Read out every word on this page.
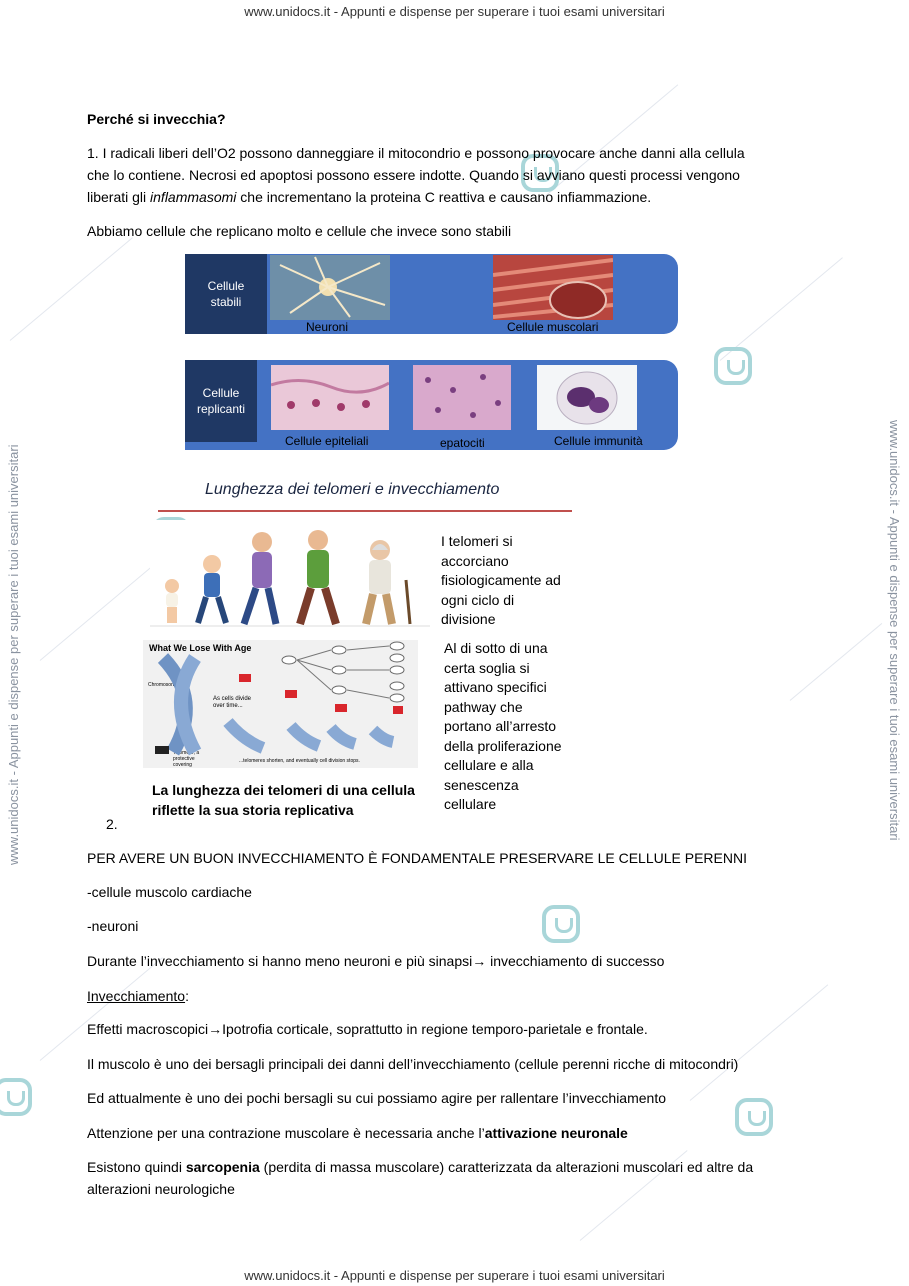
www.unidocs.it - Appunti e dispense per superare i tuoi esami universitari
www.unidocs.it - Appunti e dispense per superare i tuoi esami universitari
www.unidocs.it - Appunti e dispense per superare i tuoi esami universitari	www.unidocs.it - Appunti e dispense per superare i tuoi esami universitari
Perché si invecchia?
1. I radicali liberi dell’O2 possono danneggiare il mitocondrio e possono provocare anche danni alla cellula
che lo contiene. Necrosi ed apoptosi possono essere indotte. Quando si avviano questi processi vengono
liberati gli inflammasomi che incrementano la proteina C reattiva e causano infiammazione.
Abbiamo cellule che replicano molto e cellule che invece sono stabili
Cellule
stabili
Neuroni	Cellule muscolari
Cellule
replicanti
Cellule epiteliali	epatociti	Cellule immunità
Lunghezza dei telomeri e invecchiamento
I telomeri si
accorciano
fisiologicamente ad
ogni ciclo di
divisione
What We Lose With Age
Chromosome
As cells divide over time...
Telomere, a protective covering
...telomeres shorten, and eventually cell division stops.
Al di sotto di una
certa soglia si
attivano specifici
pathway che
portano all’arresto
della proliferazione
cellulare e alla
senescenza
cellulare
La lunghezza dei telomeri di una cellula
riflette la sua storia replicativa
2.
PER AVERE UN BUON INVECCHIAMENTO È FONDAMENTALE PRESERVARE LE CELLULE PERENNI
-cellule muscolo cardiache
-neuroni
Durante l’invecchiamento si hanno meno neuroni e più sinapsi→ invecchiamento di successo
Invecchiamento:
Effetti macroscopici→Ipotrofia corticale, soprattutto in regione temporo-parietale e frontale.
Il muscolo è uno dei bersagli principali dei danni dell’invecchiamento (cellule perenni ricche di mitocondri)
Ed attualmente è uno dei pochi bersagli su cui possiamo agire per rallentare l’invecchiamento
Attenzione per una contrazione muscolare è necessaria anche l’attivazione neuronale
Esistono quindi sarcopenia (perdita di massa muscolare) caratterizzata da alterazioni muscolari ed altre da
alterazioni neurologiche
